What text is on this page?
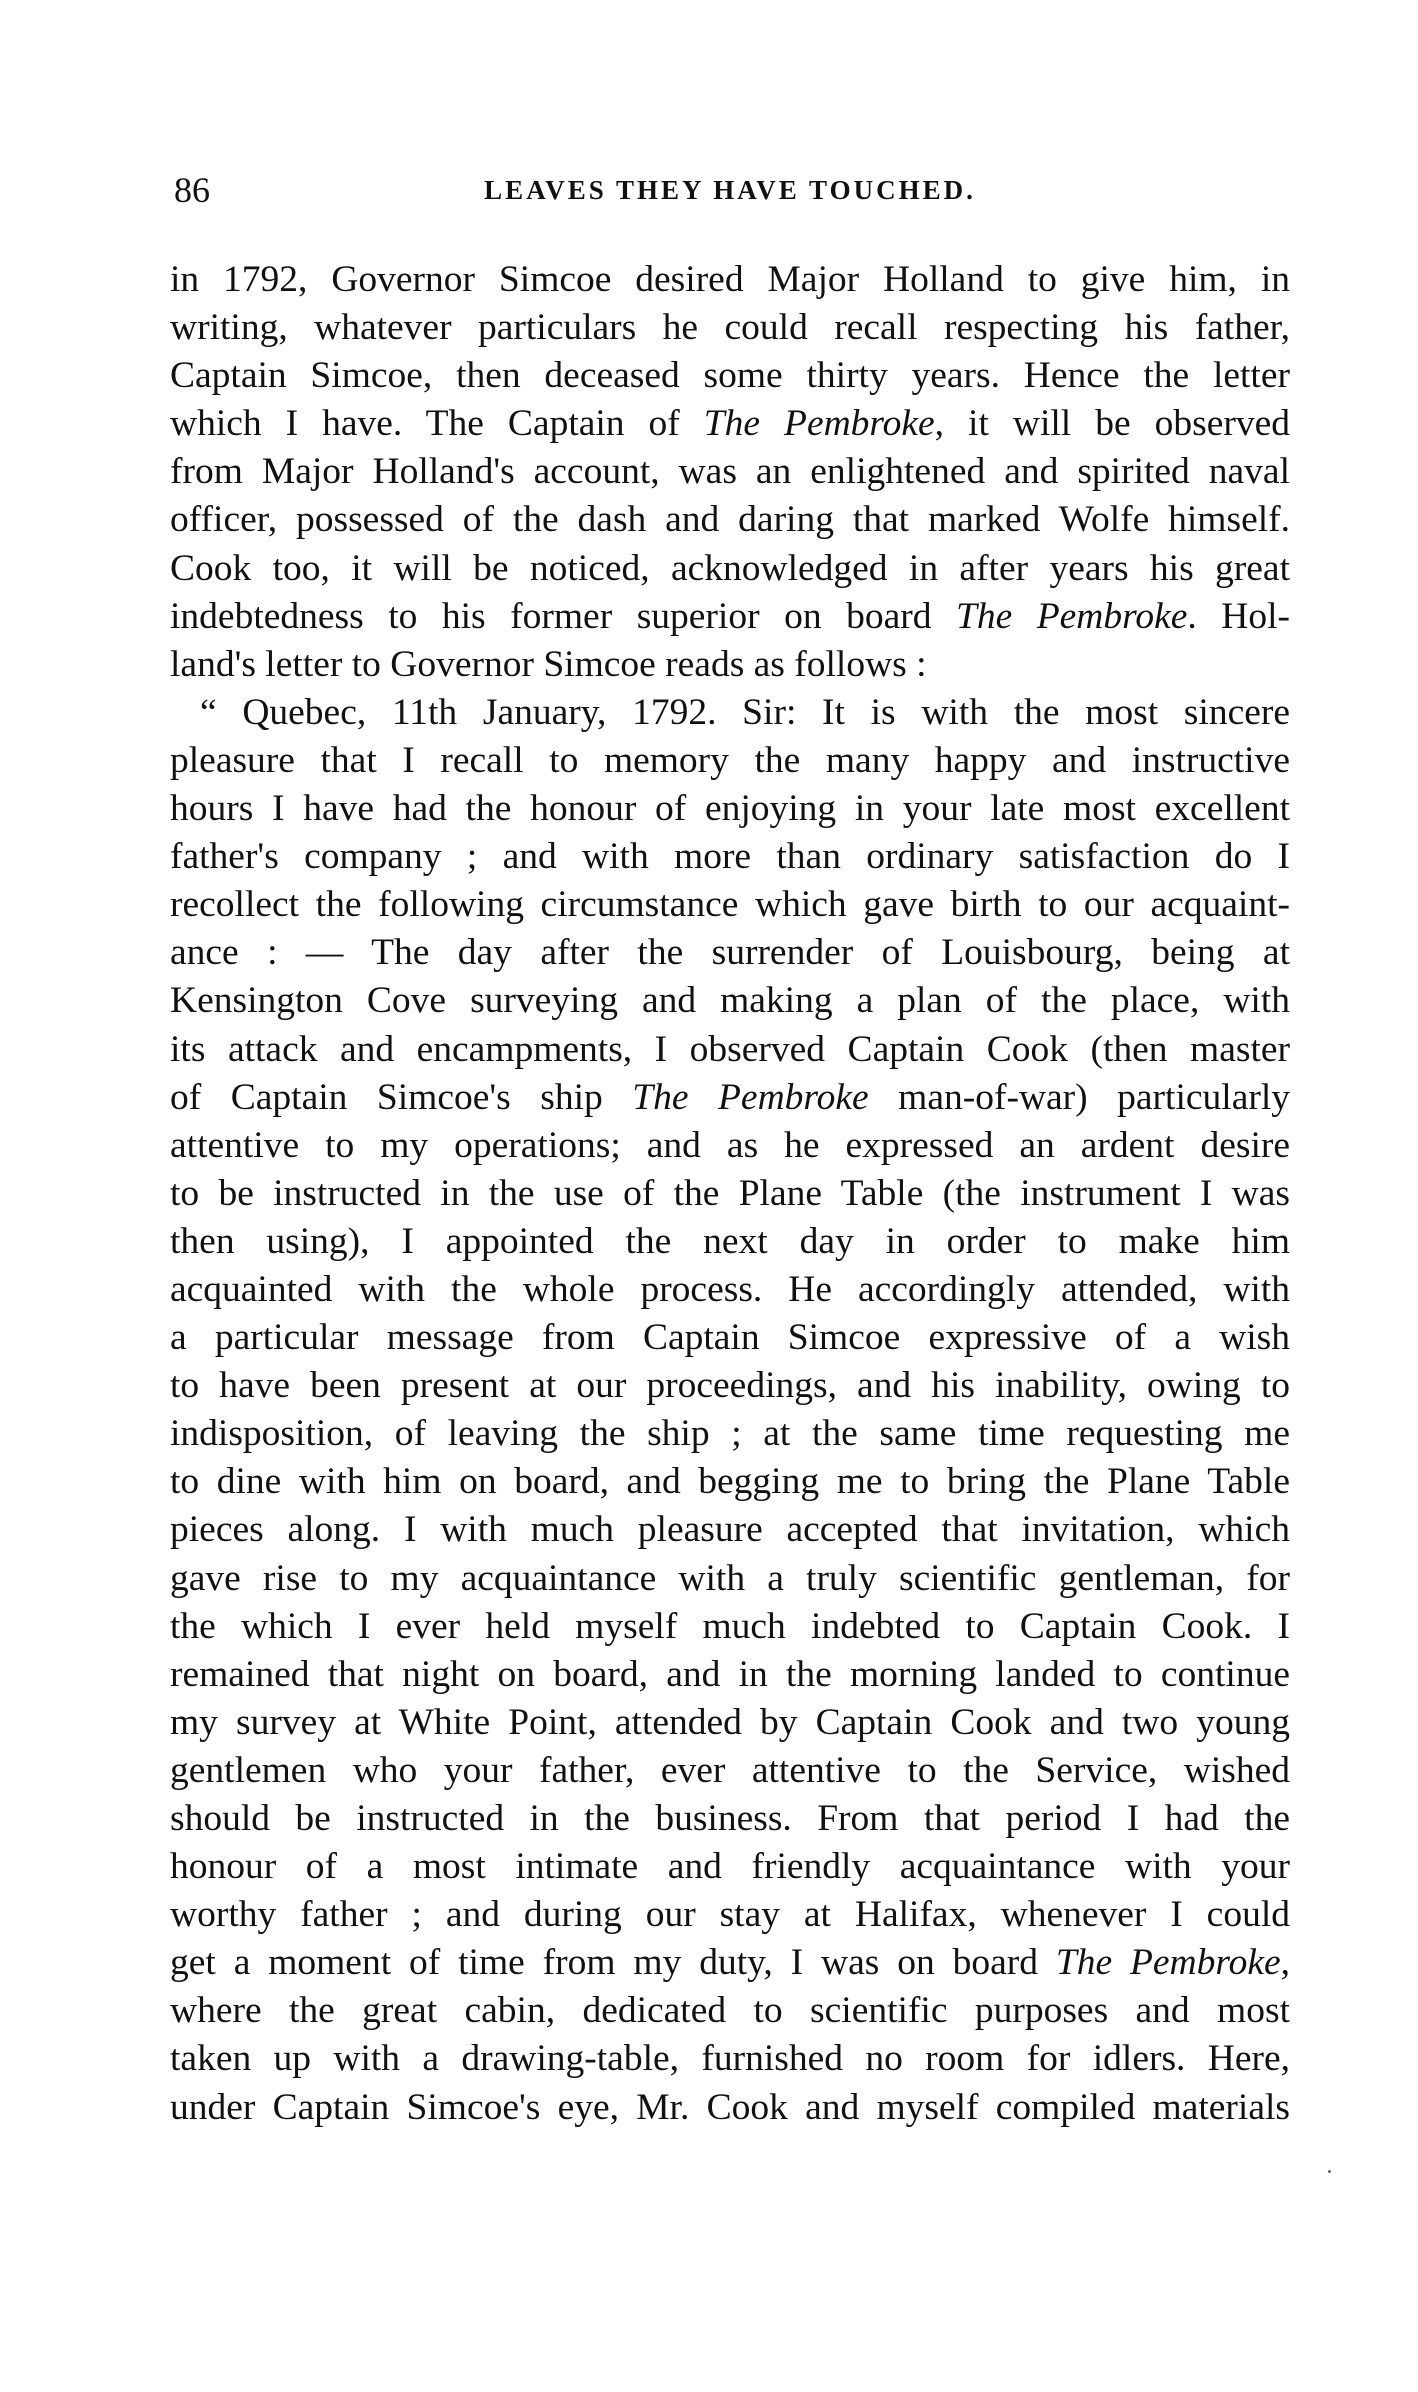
86	LEAVES THEY HAVE TOUCHED.
in 1792, Governor Simcoe desired Major Holland to give him, in
writing, whatever particulars he could recall respecting his father,
Captain Simcoe, then deceased some thirty years. Hence the letter
which I have. The Captain of The Pembroke, it will be observed
from Major Holland's account, was an enlightened and spirited naval
officer, possessed of the dash and daring that marked Wolfe himself.
Cook too, it will be noticed, acknowledged in after years his great
indebtedness to his former superior on board The Pembroke. Hol-
land's letter to Governor Simcoe reads as follows :
“ Quebec, 11th January, 1792. Sir: It is with the most sincere
pleasure that I recall to memory the many happy and instructive
hours I have had the honour of enjoying in your late most excellent
father's company ; and with more than ordinary satisfaction do I
recollect the following circumstance which gave birth to our acquaint-
ance : — The day after the surrender of Louisbourg, being at
Kensington Cove surveying and making a plan of the place, with
its attack and encampments, I observed Captain Cook (then master
of Captain Simcoe's ship The Pembroke man-of-war) particularly
attentive to my operations; and as he expressed an ardent desire
to be instructed in the use of the Plane Table (the instrument I was
then using), I appointed the next day in order to make him
acquainted with the whole process. He accordingly attended, with
a particular message from Captain Simcoe expressive of a wish
to have been present at our proceedings, and his inability, owing to
indisposition, of leaving the ship ; at the same time requesting me
to dine with him on board, and begging me to bring the Plane Table
pieces along. I with much pleasure accepted that invitation, which
gave rise to my acquaintance with a truly scientific gentleman, for
the which I ever held myself much indebted to Captain Cook. I
remained that night on board, and in the morning landed to continue
my survey at White Point, attended by Captain Cook and two young
gentlemen who your father, ever attentive to the Service, wished
should be instructed in the business. From that period I had the
honour of a most intimate and friendly acquaintance with your
worthy father ; and during our stay at Halifax, whenever I could
get a moment of time from my duty, I was on board The Pembroke,
where the great cabin, dedicated to scientific purposes and most
taken up with a drawing-table, furnished no room for idlers. Here,
under Captain Simcoe's eye, Mr. Cook and myself compiled materials
